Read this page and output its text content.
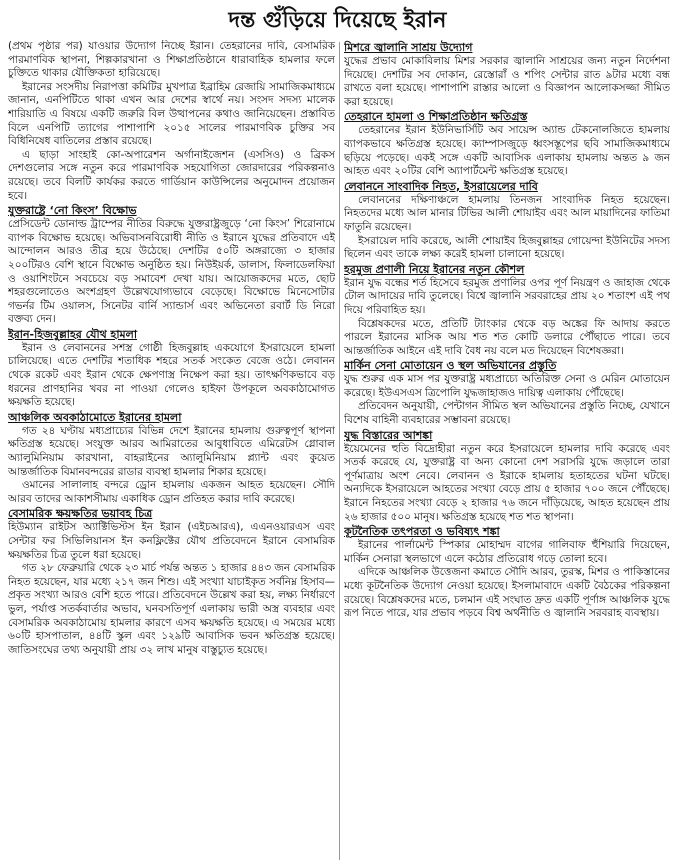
দন্ত গুঁড়িয়ে দিয়েছে ইরান

(প্রথম পৃষ্ঠার পর) যাওয়ার উদ্যোগ নিচ্ছে ইরান। তেহরানের দাবি, বেসামরিক পারমাণবিক স্থাপনা, শিল্পকারখানা ও শিক্ষাপ্রতিষ্ঠানে ধারাবাহিক হামলার ফলে চুক্তিতে থাকার যৌক্তিকতা হারিয়েছে।

ইরানের সংসদীয় নিরাপত্তা কমিটির মুখপাত্র ইব্রাহিম রেজায়ি সামাজিকমাধ্যমে জানান, এনপিটিতে থাকা এখন আর দেশের স্বার্থে নয়। সংসদ সদস্য মালেক শারিয়াতি এ বিষয়ে একটি জরুরি বিল উত্থাপনের কথাও জানিয়েছেন। প্রস্তাবিত বিলে এনপিটি ত্যাগের পাশাপাশি ২০১৫ সালের পারমাণবিক চুক্তির সব বিধিনিষেধ বাতিলের প্রস্তাব রয়েছে।

এ ছাড়া সাংহাই কো-অপারেশন অর্গানাইজেশন (এসসিও) ও ব্রিকস দেশগুলোর সঙ্গে নতুন করে পারমাণবিক সহযোগিতা জোরদারের পরিকল্পনাও রয়েছে। তবে বিলটি কার্যকর করতে গার্ডিয়ান কাউন্সিলের অনুমোদন প্রয়োজন হবে।

যুক্তরাষ্ট্রে ‘নো কিংস’ বিক্ষোভ

প্রেসিডেন্ট ডোনাল্ড ট্রাম্পের নীতির বিরুদ্ধে যুক্তরাষ্ট্রজুড়ে ‘নো কিংস’ শিরোনামে ব্যাপক বিক্ষোভ হয়েছে। অভিবাসনবিরোধী নীতি ও ইরানে যুদ্ধের প্রতিবাদে এই আন্দোলন আরও তীব্র হয়ে উঠেছে। দেশটির ৫০টি অঙ্গরাজ্যে ৩ হাজার ২০০টিরও বেশি স্থানে বিক্ষোভ অনুষ্ঠিত হয়। নিউইয়র্ক, ডালাস, ফিলাডেলফিয়া ও ওয়াশিংটনে সবচেয়ে বড় সমাবেশ দেখা যায়। আয়োজকদের মতে, ছোট শহরগুলোতেও অংশগ্রহণ উল্লেখযোগ্যভাবে বেড়েছে। বিক্ষোভে মিনেসোটার গভর্নর টিম ওয়ালস, সিনেটর বার্নি স্যান্ডার্স এবং অভিনেতা রবার্ট ডি নিরো বক্তব্য দেন।

ইরান-হিজবুল্লাহর যৌথ হামলা

ইরান ও লেবাননের সশস্ত্র গোষ্ঠী হিজবুল্লাহ একযোগে ইসরায়েলে হামলা চালিয়েছে। এতে দেশটির শতাধিক শহরে সতর্ক সংকেত বেজে ওঠে। লেবানন থেকে রকেট এবং ইরান থেকে ক্ষেপণাস্ত্র নিক্ষেপ করা হয়। তাৎক্ষণিকভাবে বড় ধরনের প্রাণহানির খবর না পাওয়া গেলেও হাইফা উপকূলে অবকাঠামোগত ক্ষয়ক্ষতি হয়েছে।

আঞ্চলিক অবকাঠামোতে ইরানের হামলা

গত ২৪ ঘণ্টায় মধ্যপ্রাচ্যের বিভিন্ন দেশে ইরানের হামলায় গুরুত্বপূর্ণ স্থাপনা ক্ষতিগ্রস্ত হয়েছে। সংযুক্ত আরব আমিরাতের আবুধাবিতে এমিরেটস গ্লোবাল অ্যালুমিনিয়াম কারখানা, বাহরাইনের অ্যালুমিনিয়াম প্ল্যান্ট এবং কুয়েত আন্তর্জাতিক বিমানবন্দরের রাডার ব্যবস্থা হামলার শিকার হয়েছে।

ওমানের সালালাহ বন্দরে ড্রোন হামলায় একজন আহত হয়েছেন। সৌদি আরব তাদের আকাশসীমায় একাধিক ড্রোন প্রতিহত করার দাবি করেছে।

বেসামরিক ক্ষয়ক্ষতির ভয়াবহ চিত্র

হিউম্যান রাইটস অ্যাক্টিভিস্টস ইন ইরান (এইচআরএ), এএনওয়ারএস এবং সেন্টার ফর সিভিলিয়ানস ইন কনফ্লিক্টের যৌথ প্রতিবেদনে ইরানে বেসামরিক ক্ষয়ক্ষতির চিত্র তুলে ধরা হয়েছে।

গত ২৮ ফেব্রুয়ারি থেকে ২৩ মার্চ পর্যন্ত অন্তত ১ হাজার ৪৪৩ জন বেসামরিক নিহত হয়েছেন, যার মধ্যে ২১৭ জন শিশু। এই সংখ্যা যাচাইকৃত সর্বনিম্ন হিসাব—প্রকৃত সংখ্যা আরও বেশি হতে পারে। প্রতিবেদনে উল্লেখ করা হয়, লক্ষ্য নির্ধারণে ভুল, পর্যাপ্ত সতর্কবার্তার অভাব, ঘনবসতিপূর্ণ এলাকায় ভারী অস্ত্র ব্যবহার এবং বেসামরিক অবকাঠামোয় হামলার কারণে এসব ক্ষয়ক্ষতি হয়েছে। এ সময়ের মধ্যে ৬০টি হাসপাতাল, ৪৪টি স্কুল এবং ১২৯টি আবাসিক ভবন ক্ষতিগ্রস্ত হয়েছে। জাতিসংঘের তথ্য অনুযায়ী প্রায় ৩২ লাখ মানুষ বাস্তুচ্যুত হয়েছে।

মিশরে জ্বালানি সাশ্রয় উদ্যোগ

যুদ্ধের প্রভাব মোকাবিলায় মিশর সরকার জ্বালানি সাশ্রয়ের জন্য নতুন নির্দেশনা দিয়েছে। দেশটির সব দোকান, রেস্তোরাঁ ও শপিং সেন্টার রাত ৯টার মধ্যে বন্ধ রাখতে বলা হয়েছে। পাশাপাশি রাস্তার আলো ও বিজ্ঞাপন আলোকসজ্জা সীমিত করা হয়েছে।

তেহরানে হামলা ও শিক্ষাপ্রতিষ্ঠান ক্ষতিগ্রস্ত

তেহরানের ইরান ইউনিভার্সিটি অব সায়েন্স অ্যান্ড টেকনোলজিতে হামলায় ব্যাপকভাবে ক্ষতিগ্রস্ত হয়েছে। ক্যাম্পাসজুড়ে ধ্বংসস্তূপের ছবি সামাজিকমাধ্যমে ছড়িয়ে পড়েছে। একই সঙ্গে একটি আবাসিক এলাকায় হামলায় অন্তত ৯ জন আহত এবং ২০টির বেশি অ্যাপার্টমেন্ট ক্ষতিগ্রস্ত হয়েছে।

লেবাননে সাংবাদিক নিহত, ইসরায়েলের দাবি

লেবাননের দক্ষিণাঞ্চলে হামলায় তিনজন সাংবাদিক নিহত হয়েছেন। নিহতদের মধ্যে আল মানার টিভির আলী শোয়াইব এবং আল মায়াদিনের ফাতিমা ফাতুনি রয়েছেন।

ইসরায়েল দাবি করেছে, আলী শোয়াইব হিজবুল্লাহর গোয়েন্দা ইউনিটের সদস্য ছিলেন এবং তাকে লক্ষ্য করেই হামলা চালানো হয়েছে।

হরমুজ প্রণালী নিয়ে ইরানের নতুন কৌশল

ইরান যুদ্ধ বন্ধের শর্ত হিসেবে হরমুজ প্রণালির ওপর পূর্ণ নিয়ন্ত্রণ ও জাহাজ থেকে টোল আদায়ের দাবি তুলেছে। বিশ্বে জ্বালানি সরবরাহের প্রায় ২০ শতাংশ এই পথ দিয়ে পরিবাহিত হয়।

বিশ্লেষকদের মতে, প্রতিটি ট্যাংকার থেকে বড় অঙ্কের ফি আদায় করতে পারলে ইরানের মাসিক আয় শত শত কোটি ডলারে পৌঁছাতে পারে। তবে আন্তর্জাতিক আইনে এই দাবি বৈধ নয় বলে মত দিয়েছেন বিশেষজ্ঞরা।

মার্কিন সেনা মোতায়েন ও স্থল অভিযানের প্রস্তুতি

যুদ্ধ শুরুর এক মাস পর যুক্তরাষ্ট্র মধ্যপ্রাচ্যে অতিরিক্ত সেনা ও মেরিন মোতায়েন করেছে। ইউএসএস ত্রিপোলি যুদ্ধজাহাজও দায়িত্ব এলাকায় পৌঁছেছে।

প্রতিবেদন অনুযায়ী, পেন্টাগন সীমিত স্থল অভিযানের প্রস্তুতি নিচ্ছে, যেখানে বিশেষ বাহিনী ব্যবহারের সম্ভাবনা রয়েছে।

যুদ্ধ বিস্তারের আশঙ্কা

ইয়েমেনের হুতি বিদ্রোহীরা নতুন করে ইসরায়েলে হামলার দাবি করেছে এবং সতর্ক করেছে যে, যুক্তরাষ্ট্র বা অন্য কোনো দেশ সরাসরি যুদ্ধে জড়ালে তারা পূর্ণমাত্রায় অংশ নেবে। লেবানন ও ইরাকে হামলায় হতাহতের ঘটনা ঘটছে। অন্যদিকে ইসরায়েলে আহতের সংখ্যা বেড়ে প্রায় ৫ হাজার ৭০০ জনে পৌঁছেছে। ইরানে নিহতের সংখ্যা বেড়ে ২ হাজার ৭৬ জনে দাঁড়িয়েছে, আহত হয়েছেন প্রায় ২৬ হাজার ৫০০ মানুষ। ক্ষতিগ্রস্ত হয়েছে শত শত স্থাপনা।

কূটনৈতিক তৎপরতা ও ভবিষ্যৎ শঙ্কা

ইরানের পার্লামেন্ট স্পিকার মোহাম্মদ বাগের গালিবাফ হুঁশিয়ারি দিয়েছেন, মার্কিন সেনারা স্থলভাগে এলে কঠোর প্রতিরোধ গড়ে তোলা হবে।

এদিকে আঞ্চলিক উত্তেজনা কমাতে সৌদি আরব, তুরস্ক, মিশর ও পাকিস্তানের মধ্যে কূটনৈতিক উদ্যোগ নেওয়া হয়েছে। ইসলামাবাদে একটি বৈঠকের পরিকল্পনা রয়েছে। বিশ্লেষকদের মতে, চলমান এই সংঘাত দ্রুত একটি পূর্ণাঙ্গ আঞ্চলিক যুদ্ধে রূপ নিতে পারে, যার প্রভাব পড়বে বিশ্ব অর্থনীতি ও জ্বালানি সরবরাহ ব্যবস্থায়।
